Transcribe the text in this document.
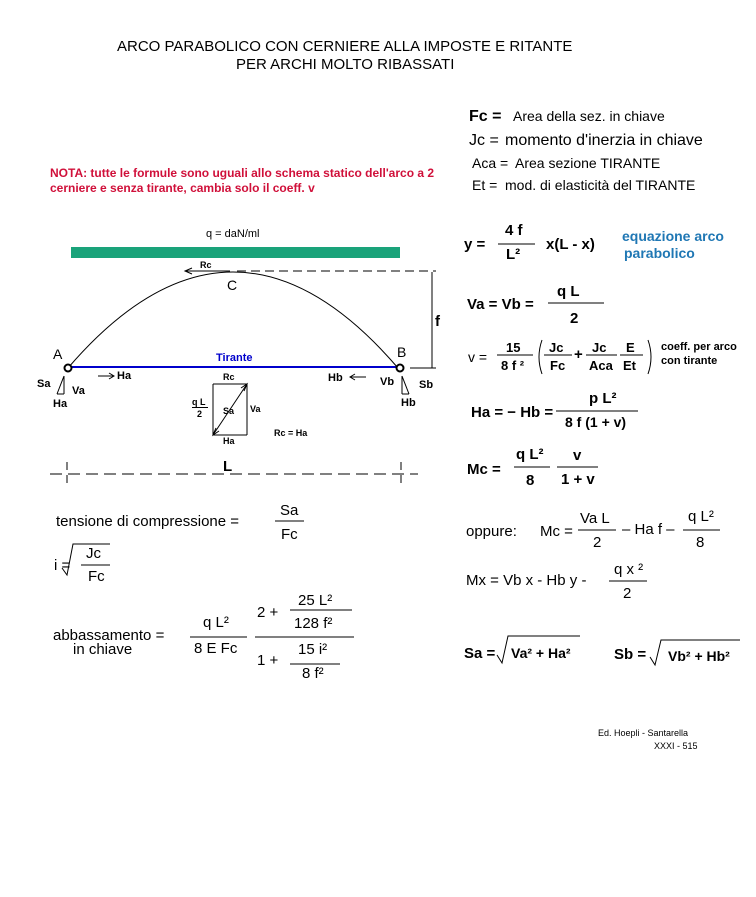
ARCO PARABOLICO CON CERNIERE ALLA IMPOSTE E RITANTE
PER ARCHI MOLTO RIBASSATI
NOTA: tutte le formule sono uguali allo schema statico dell'arco a 2 cerniere e senza tirante, cambia solo il coeff. v
Fc = Area della sez. in chiave
Jc = momento d'inerzia in chiave
Aca = Area sezione TIRANTE
Et = mod. di elasticità del TIRANTE
q = daN/ml
Rc
C
f
A	B
Tirante
Ha	Hb
Sa
Va
Ha
Vb Sb
Hb
Rc
q L
2 Sa Va
Ha
Rc = Ha
L
y =
4 f
L²
x(L - x) equazione arco
parabolico
Va = Vb =
q L
2
v =
15
8 f ²
Jc
Fc
+ Jc
Aca
E
Et
coeff. per arco
con tirante
Ha = − Hb =
p L²
8 f (1 + v)
Mc =
q L²
8
v
1 + v
oppure: Mc =
Va L
2
– Ha f –
q L²
8
Mx = Vb x - Hb y -
q x ²
2
Sa = Va² + Ha²	Sb = Vb² + Hb²
tensione di compressione =
Sa
Fc
i =
Jc
Fc
abbassamento =
in chiave
q L²
8 E Fc
2 +
25 L²
128 f²
1 +
15 i²
8 f²
Ed. Hoepli - Santarella
XXXI - 515
